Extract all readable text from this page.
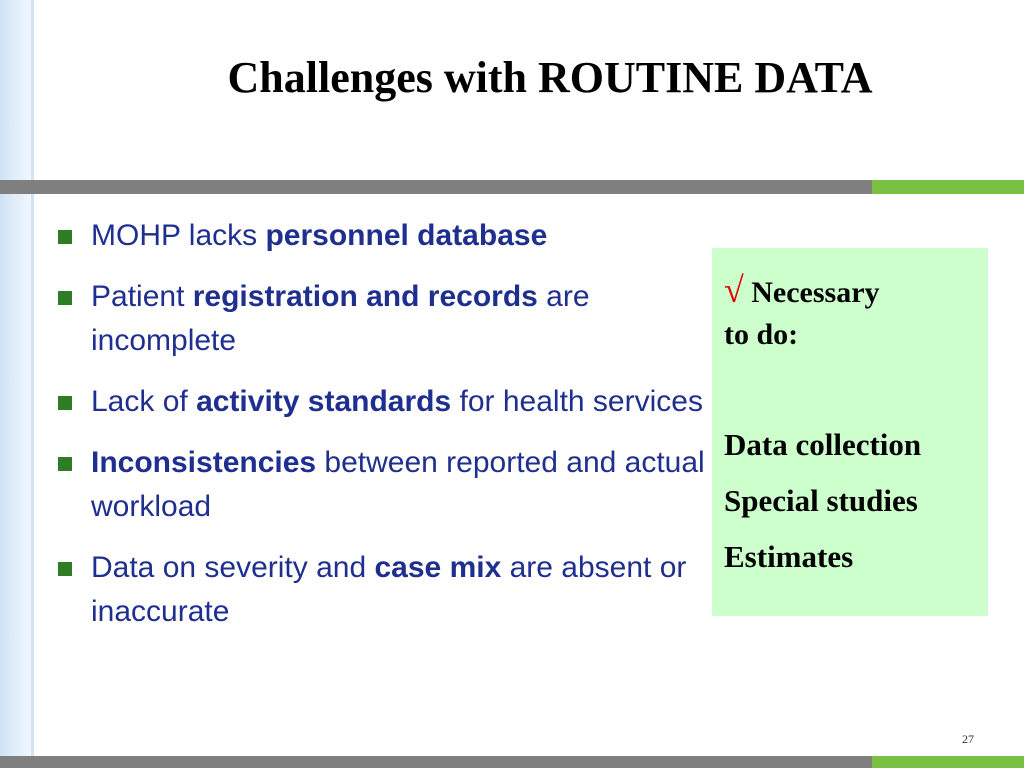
Challenges with ROUTINE DATA
MOHP lacks personnel database
Patient registration and records are incomplete
Lack of activity standards for health services
Inconsistencies between reported and actual workload
Data on severity and case mix are absent or inaccurate

√ Necessary

to do:

Data collection

Special studies

Estimates

27
